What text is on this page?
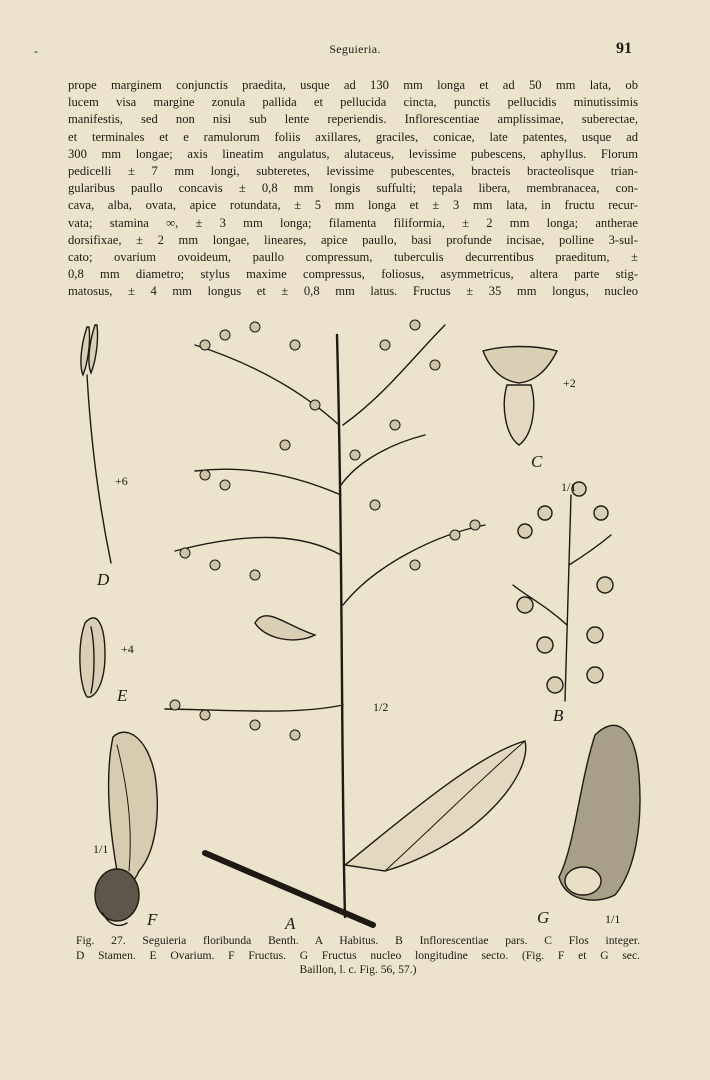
-	Seguieria.	91
prope marginem conjunctis praedita, usque ad 130 mm longa et ad 50 mm lata, ob
lucem visa margine zonula pallida et pellucida cincta, punctis pellucidis minutissimis
manifestis, sed non nisi sub lente reperiendis. Inflorescentiae amplissimae, suberectae,
et terminales et e ramulorum foliis axillares, graciles, conicae, late patentes, usque ad
300 mm longae; axis lineatim angulatus, alutaceus, levissime pubescens, aphyllus. Florum
pedicelli ± 7 mm longi, subteretes, levissime pubescentes, bracteis bracteolisque trian-
gularibus paullo concavis ± 0,8 mm longis suffulti; tepala libera, membranacea, con-
cava, alba, ovata, apice rotundata, ± 5 mm longa et ± 3 mm lata, in fructu recur-
vata; stamina ∞, ± 3 mm longa; filamenta filiformia, ± 2 mm longa; antherae
dorsifixae, ± 2 mm longae, lineares, apice paullo, basi profunde incisae, polline 3-sul-
cato; ovarium ovoideum, paullo compressum, tuberculis decurrentibus praeditum, ±
0,8 mm diametro; stylus maxime compressus, foliosus, asymmetricus, altera parte stig-
matosus, ± 4 mm longus et ± 0,8 mm latus. Fructus ± 35 mm longus, nucleo
D
E
F	A
C
B
G
+6
+4
1/1
1/2
+2
1/1
1/1
Fig. 27. Seguieria floribunda Benth. A Habitus. B Inflorescentiae pars. C Flos integer.
D Stamen. E Ovarium. F Fructus. G Fructus nucleo longitudine secto. (Fig. F et G sec.
Baillon, l. c. Fig. 56, 57.)
